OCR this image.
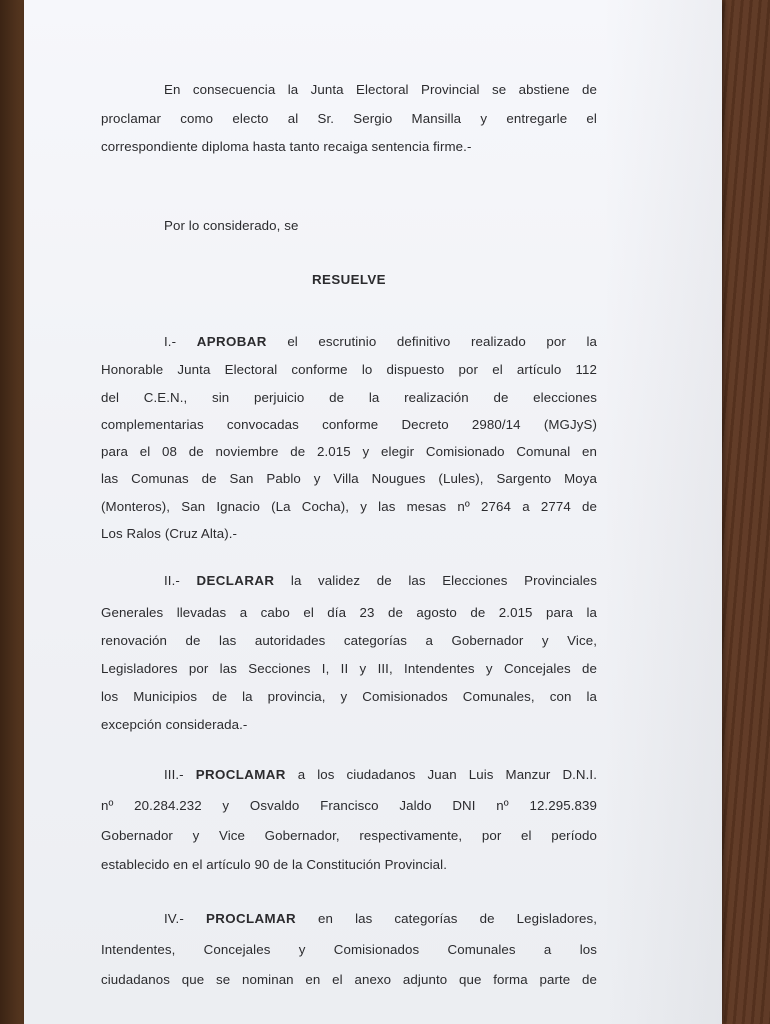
En consecuencia la Junta Electoral Provincial se abstiene de
proclamar como electo al Sr. Sergio Mansilla y entregarle el
correspondiente diploma hasta tanto recaiga sentencia firme.-
Por lo considerado, se
RESUELVE
I.- APROBAR el escrutinio definitivo realizado por la
Honorable Junta Electoral conforme lo dispuesto por el artículo 112
del C.E.N., sin perjuicio de la realización de elecciones
complementarias convocadas conforme Decreto 2980/14 (MGJyS)
para el 08 de noviembre de 2.015 y elegir Comisionado Comunal en
las Comunas de San Pablo y Villa Nougues (Lules), Sargento Moya
(Monteros), San Ignacio (La Cocha), y las mesas nº 2764 a 2774 de
Los Ralos (Cruz Alta).-
II.- DECLARAR la validez de las Elecciones Provinciales
Generales llevadas a cabo el día 23 de agosto de 2.015 para la
renovación de las autoridades categorías a Gobernador y Vice,
Legisladores por las Secciones I, II y III, Intendentes y Concejales de
los Municipios de la provincia, y Comisionados Comunales, con la
excepción considerada.-
III.- PROCLAMAR a los ciudadanos Juan Luis Manzur D.N.I.
nº 20.284.232 y Osvaldo Francisco Jaldo DNI nº 12.295.839
Gobernador y Vice Gobernador, respectivamente, por el período
establecido en el artículo 90 de la Constitución Provincial.
IV.- PROCLAMAR en las categorías de Legisladores,
Intendentes, Concejales y Comisionados Comunales a los
ciudadanos que se nominan en el anexo adjunto que forma parte de
